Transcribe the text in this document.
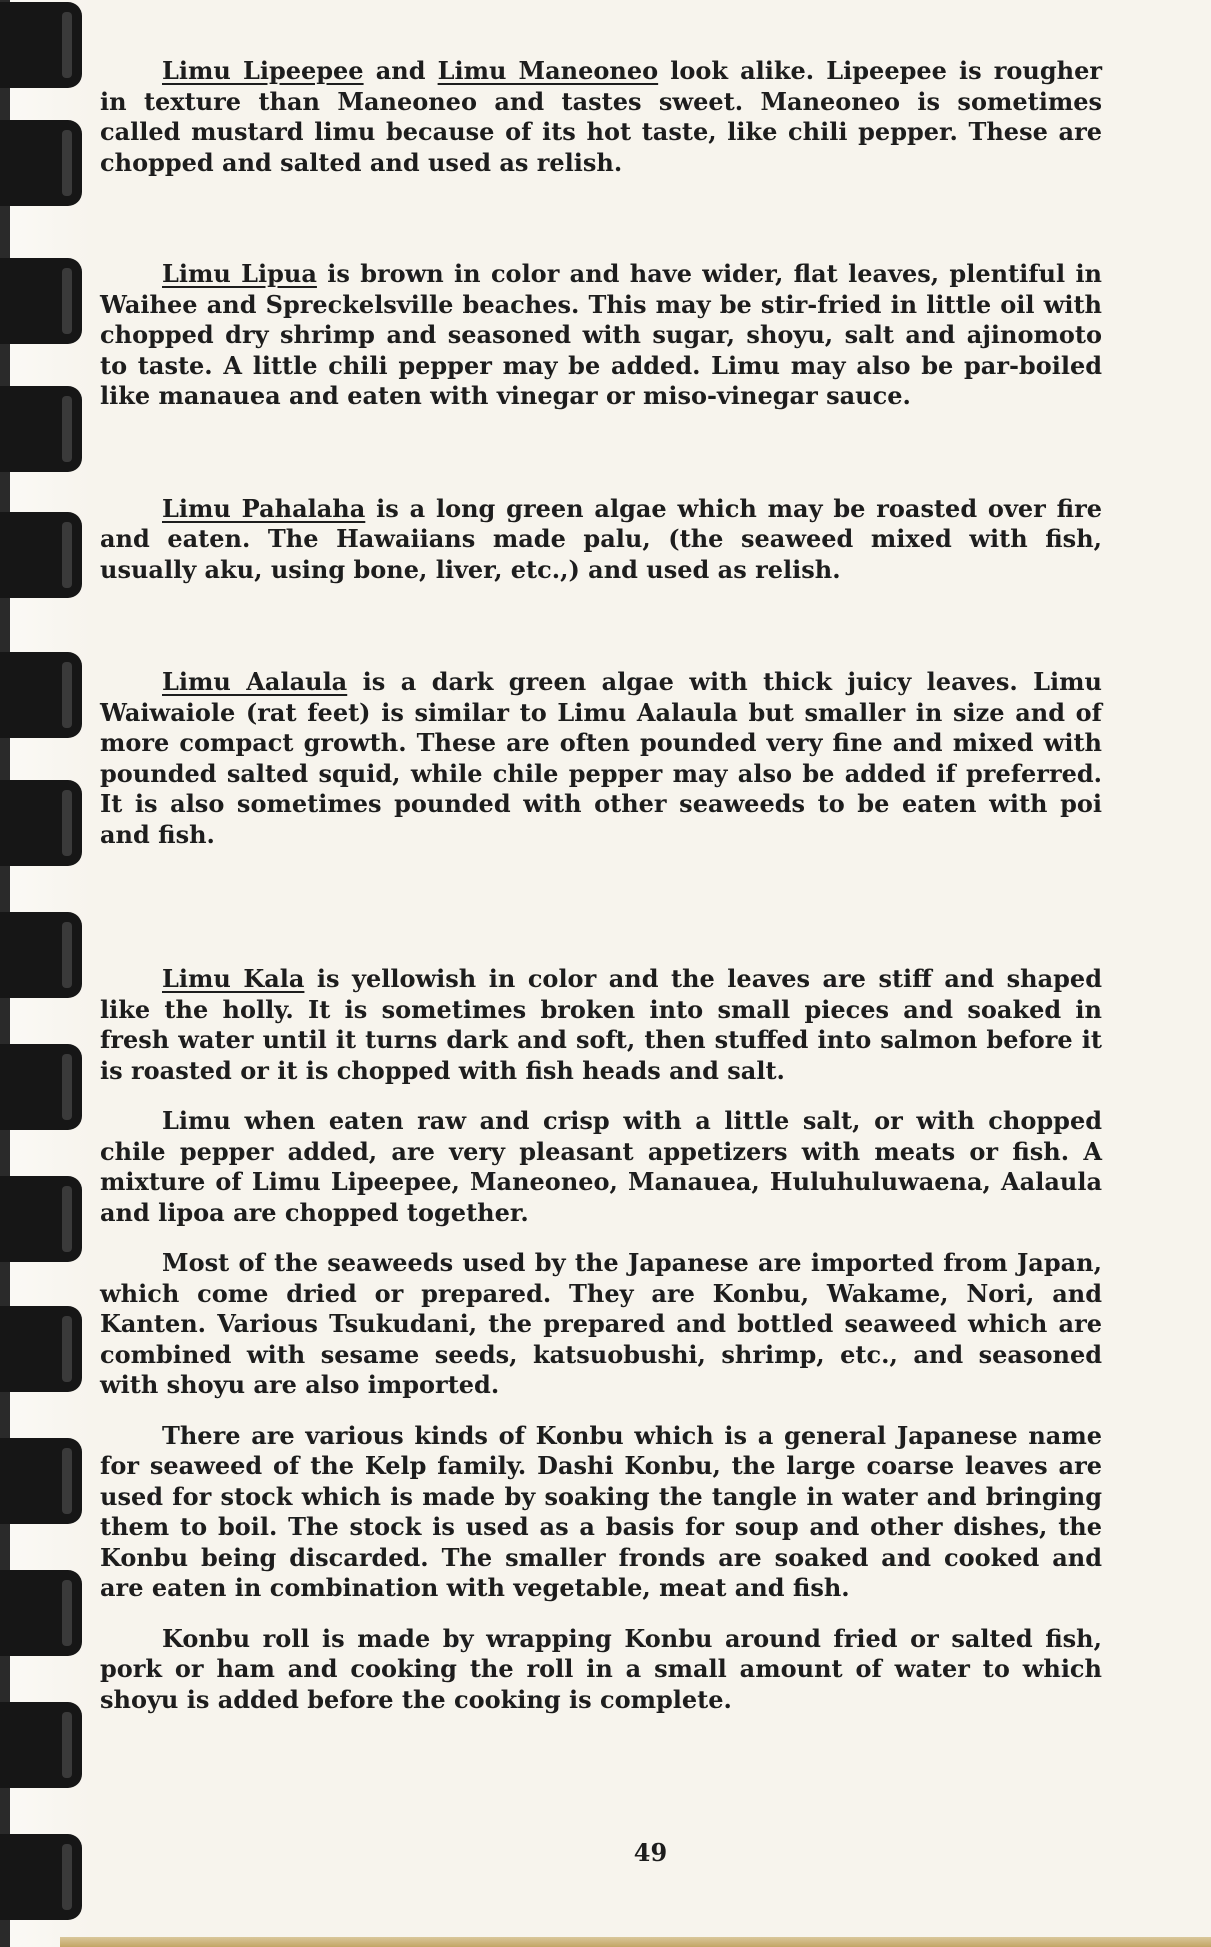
Limu Lipeepee and Limu Maneoneo look alike. Lipeepee is rougher in texture than Maneoneo and tastes sweet. Maneoneo is sometimes called mustard limu because of its hot taste, like chili pepper. These are chopped and salted and used as relish.

Limu Lipua is brown in color and have wider, flat leaves, plentiful in Waihee and Spreckelsville beaches. This may be stir-fried in little oil with chopped dry shrimp and seasoned with sugar, shoyu, salt and ajinomoto to taste. A little chili pepper may be added. Limu may also be par-boiled like manauea and eaten with vinegar or miso-vinegar sauce.

Limu Pahalaha is a long green algae which may be roasted over fire and eaten. The Hawaiians made palu, (the seaweed mixed with fish, usually aku, using bone, liver, etc.,) and used as relish.

Limu Aalaula is a dark green algae with thick juicy leaves. Limu Waiwaiole (rat feet) is similar to Limu Aalaula but smaller in size and of more compact growth. These are often pounded very fine and mixed with pounded salted squid, while chile pepper may also be added if preferred. It is also sometimes pounded with other seaweeds to be eaten with poi and fish.

Limu Kala is yellowish in color and the leaves are stiff and shaped like the holly. It is sometimes broken into small pieces and soaked in fresh water until it turns dark and soft, then stuffed into salmon before it is roasted or it is chopped with fish heads and salt.

Limu when eaten raw and crisp with a little salt, or with chopped chile pepper added, are very pleasant appetizers with meats or fish. A mixture of Limu Lipeepee, Maneoneo, Manauea, Huluhuluwaena, Aalaula and lipoa are chopped together.

Most of the seaweeds used by the Japanese are imported from Japan, which come dried or prepared. They are Konbu, Wakame, Nori, and Kanten. Various Tsukudani, the prepared and bottled seaweed which are combined with sesame seeds, katsuobushi, shrimp, etc., and seasoned with shoyu are also imported.

There are various kinds of Konbu which is a general Japanese name for seaweed of the Kelp family. Dashi Konbu, the large coarse leaves are used for stock which is made by soaking the tangle in water and bringing them to boil. The stock is used as a basis for soup and other dishes, the Konbu being discarded. The smaller fronds are soaked and cooked and are eaten in combination with vegetable, meat and fish.

Konbu roll is made by wrapping Konbu around fried or salted fish, pork or ham and cooking the roll in a small amount of water to which shoyu is added before the cooking is complete.

49
